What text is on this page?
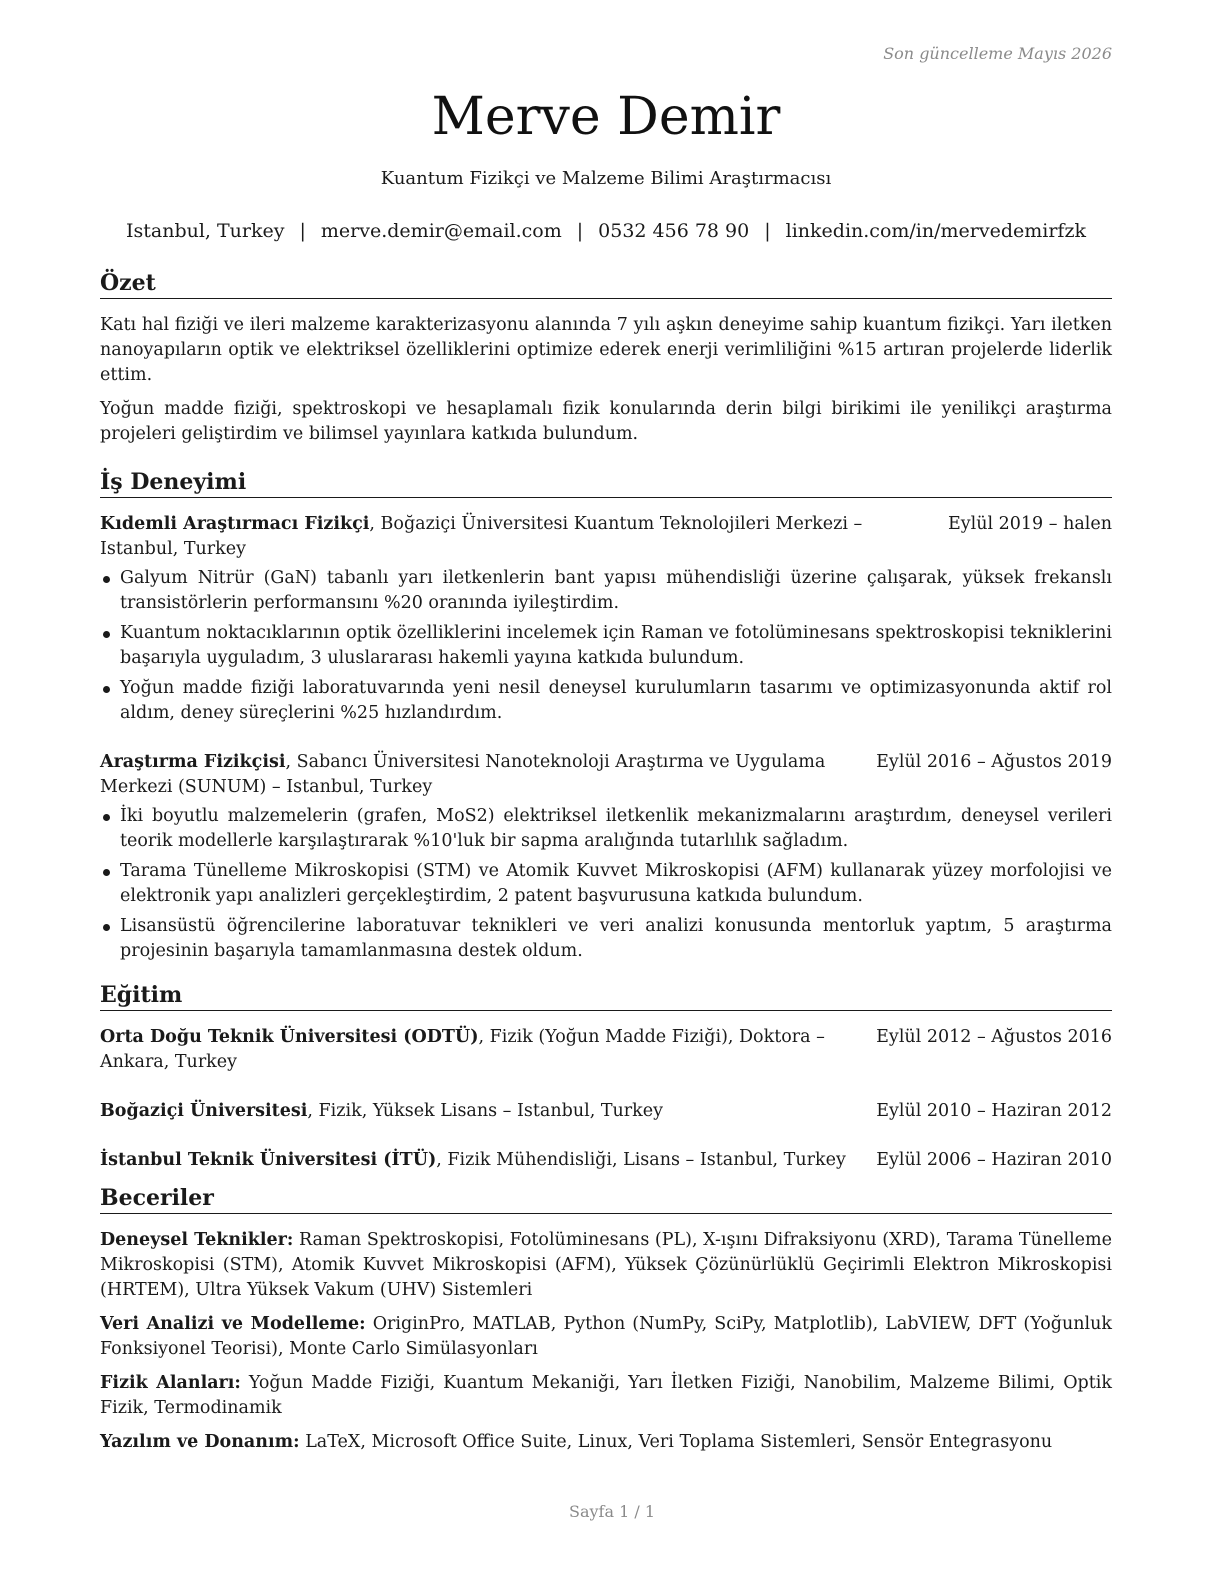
Son güncelleme Mayıs 2026
Merve Demir
Kuantum Fizikçi ve Malzeme Bilimi Araştırmacısı
Istanbul, Turkey | merve.demir@email.com | 0532 456 78 90 | linkedin.com/in/mervedemirfzk
Özet

Katı hal fiziği ve ileri malzeme karakterizasyonu alanında 7 yılı aşkın deneyime sahip kuantum fizikçi. Yarı iletken nanoyapıların optik ve elektriksel özelliklerini optimize ederek enerji verimliliğini %15 artıran projelerde liderlik ettim.

Yoğun madde fiziği, spektroskopi ve hesaplamalı fizik konularında derin bilgi birikimi ile yenilikçi araştırma projeleri geliştirdim ve bilimsel yayınlara katkıda bulundum.

İş Deneyimi
Kıdemli Araştırmacı Fizikçi, Boğaziçi Üniversitesi Kuantum Teknolojileri Merkezi – Istanbul, Turkey
Eylül 2019 – halen
Galyum Nitrür (GaN) tabanlı yarı iletkenlerin bant yapısı mühendisliği üzerine çalışarak, yüksek frekanslı transistörlerin performansını %20 oranında iyileştirdim.
Kuantum noktacıklarının optik özelliklerini incelemek için Raman ve fotolüminesans spektroskopisi tekniklerini başarıyla uyguladım, 3 uluslararası hakemli yayına katkıda bulundum.
Yoğun madde fiziği laboratuvarında yeni nesil deneysel kurulumların tasarımı ve optimizasyonunda aktif rol aldım, deney süreçlerini %25 hızlandırdım.
Araştırma Fizikçisi, Sabancı Üniversitesi Nanoteknoloji Araştırma ve Uygulama Merkezi (SUNUM) – Istanbul, Turkey
Eylül 2016 – Ağustos 2019
İki boyutlu malzemelerin (grafen, MoS2) elektriksel iletkenlik mekanizmalarını araştırdım, deneysel verileri teorik modellerle karşılaştırarak %10'luk bir sapma aralığında tutarlılık sağladım.
Tarama Tünelleme Mikroskopisi (STM) ve Atomik Kuvvet Mikroskopisi (AFM) kullanarak yüzey morfolojisi ve elektronik yapı analizleri gerçekleştirdim, 2 patent başvurusuna katkıda bulundum.
Lisansüstü öğrencilerine laboratuvar teknikleri ve veri analizi konusunda mentorluk yaptım, 5 araştırma projesinin başarıyla tamamlanmasına destek oldum.
Eğitim
Orta Doğu Teknik Üniversitesi (ODTÜ), Fizik (Yoğun Madde Fiziği), Doktora – Ankara, Turkey
Eylül 2012 – Ağustos 2016
Boğaziçi Üniversitesi, Fizik, Yüksek Lisans – Istanbul, Turkey	Eylül 2010 – Haziran 2012
İstanbul Teknik Üniversitesi (İTÜ), Fizik Mühendisliği, Lisans – Istanbul, Turkey	Eylül 2006 – Haziran 2010
Beceriler

Deneysel Teknikler: Raman Spektroskopisi, Fotolüminesans (PL), X-ışını Difraksiyonu (XRD), Tarama Tünelleme Mikroskopisi (STM), Atomik Kuvvet Mikroskopisi (AFM), Yüksek Çözünürlüklü Geçirimli Elektron Mikroskopisi (HRTEM), Ultra Yüksek Vakum (UHV) Sistemleri

Veri Analizi ve Modelleme: OriginPro, MATLAB, Python (NumPy, SciPy, Matplotlib), LabVIEW, DFT (Yoğunluk Fonksiyonel Teorisi), Monte Carlo Simülasyonları

Fizik Alanları: Yoğun Madde Fiziği, Kuantum Mekaniği, Yarı İletken Fiziği, Nanobilim, Malzeme Bilimi, Optik Fizik, Termodinamik

Yazılım ve Donanım: LaTeX, Microsoft Office Suite, Linux, Veri Toplama Sistemleri, Sensör Entegrasyonu

Sayfa 1 / 1
